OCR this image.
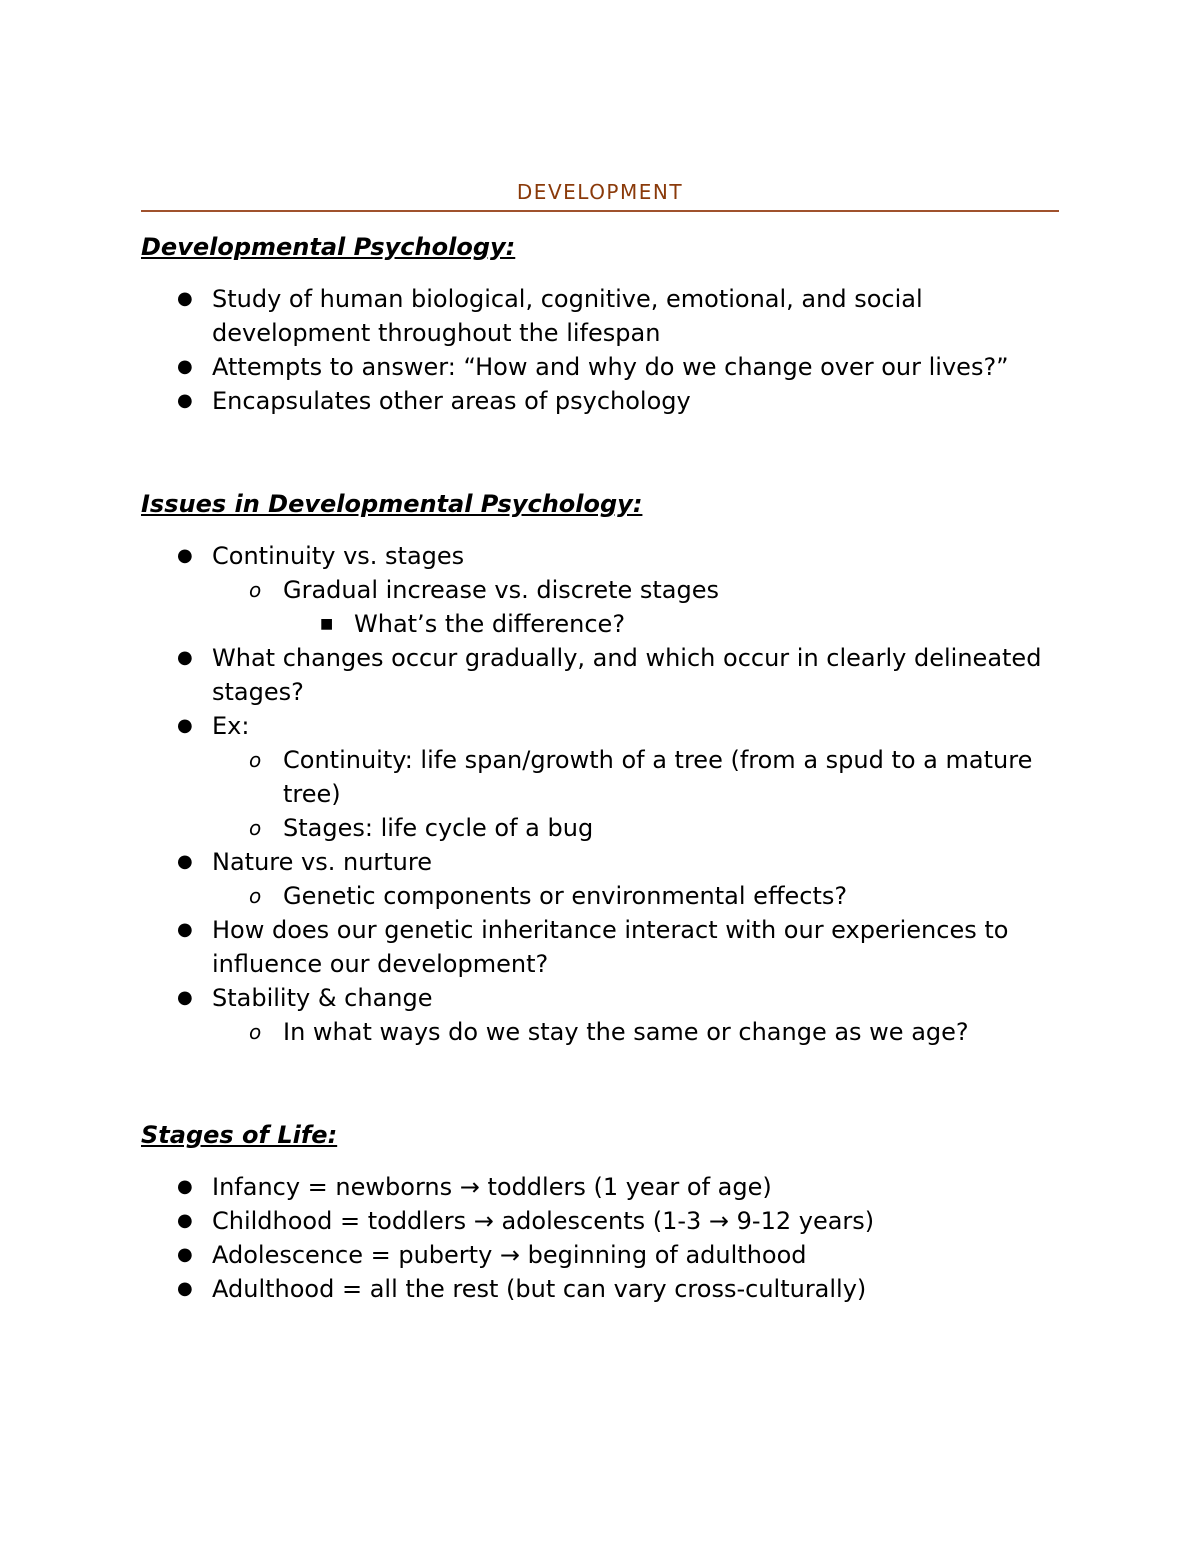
DEVELOPMENT
Developmental Psychology:
● Study of human biological, cognitive, emotional, and social development throughout the lifespan
● Attempts to answer: “How and why do we change over our lives?”
● Encapsulates other areas of psychology
Issues in Developmental Psychology:
● Continuity vs. stages
o Gradual increase vs. discrete stages
■ What’s the difference?
● What changes occur gradually, and which occur in clearly delineated stages?
● Ex:
o Continuity: life span/growth of a tree (from a spud to a mature tree)
o Stages: life cycle of a bug
● Nature vs. nurture
o Genetic components or environmental effects?
● How does our genetic inheritance interact with our experiences to influence our development?
● Stability & change
o In what ways do we stay the same or change as we age?
Stages of Life:
● Infancy = newborns → toddlers (1 year of age)
● Childhood = toddlers → adolescents (1-3 → 9-12 years)
● Adolescence = puberty → beginning of adulthood
● Adulthood = all the rest (but can vary cross-culturally)
